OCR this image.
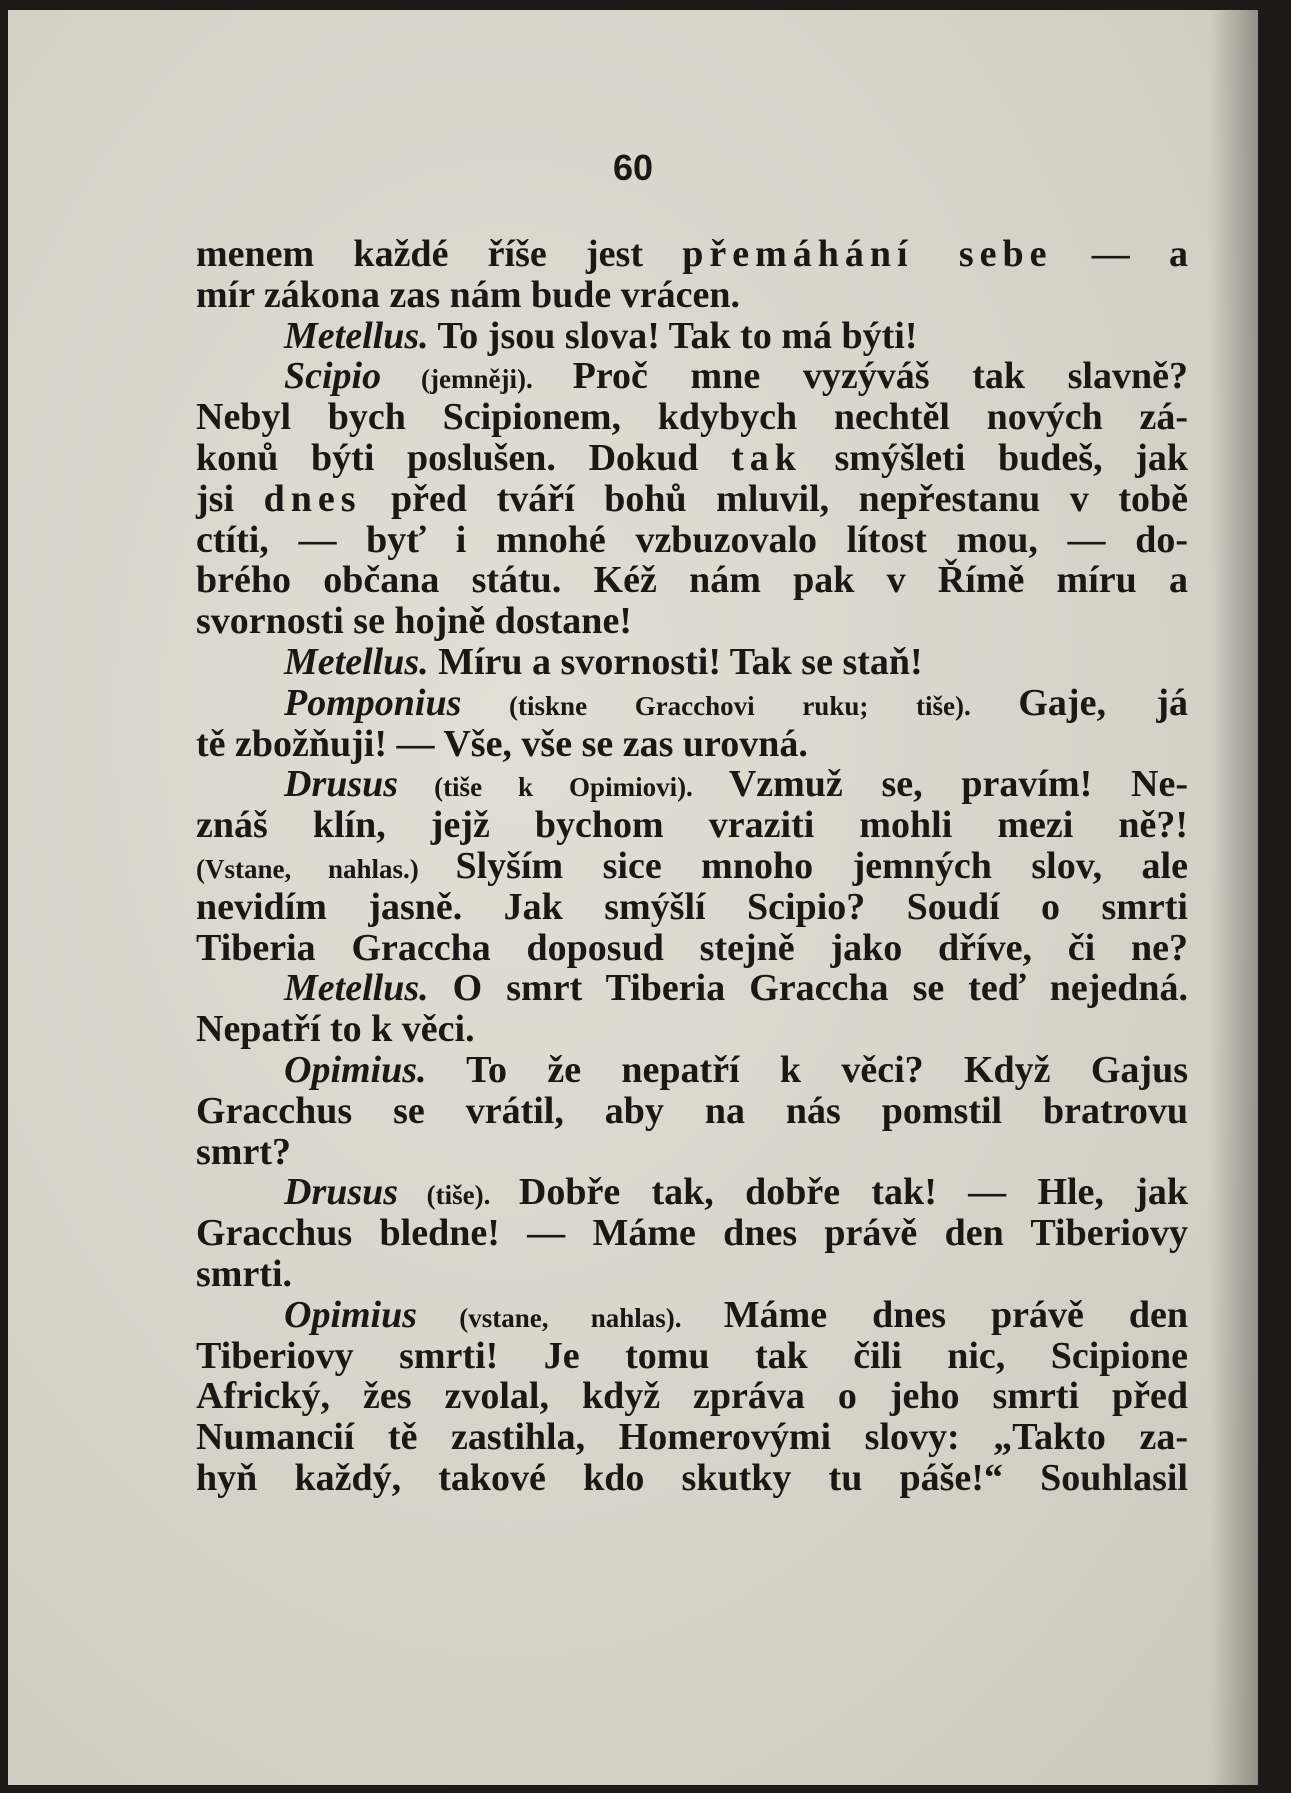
60
menem každé říše jest přemáhání sebe — a
mír zákona zas nám bude vrácen.
Metellus. To jsou slova! Tak to má býti!
Scipio (jemněji). Proč mne vyzýváš tak slavně?
Nebyl bych Scipionem, kdybych nechtěl nových zá-
konů býti poslušen. Dokud tak smýšleti budeš, jak
jsi dnes před tváří bohů mluvil, nepřestanu v tobě
ctíti, — byť i mnohé vzbuzovalo lítost mou, — do-
brého občana státu. Kéž nám pak v Římě míru a
svornosti se hojně dostane!
Metellus. Míru a svornosti! Tak se staň!
Pomponius (tiskne Gracchovi ruku; tiše). Gaje, já
tě zbožňuji! — Vše, vše se zas urovná.
Drusus (tiše k Opimiovi). Vzmuž se, pravím! Ne-
znáš klín, jejž bychom vraziti mohli mezi ně?!
(Vstane, nahlas.) Slyším sice mnoho jemných slov, ale
nevidím jasně. Jak smýšlí Scipio? Soudí o smrti
Tiberia Graccha doposud stejně jako dříve, či ne?
Metellus. O smrt Tiberia Graccha se teď nejedná.
Nepatří to k věci.
Opimius. To že nepatří k věci? Když Gajus
Gracchus se vrátil, aby na nás pomstil bratrovu
smrt?
Drusus (tiše). Dobře tak, dobře tak! — Hle, jak
Gracchus bledne! — Máme dnes právě den Tiberiovy
smrti.
Opimius (vstane, nahlas). Máme dnes právě den
Tiberiovy smrti! Je tomu tak čili nic, Scipione
Africký, žes zvolal, když zpráva o jeho smrti před
Numancií tě zastihla, Homerovými slovy: „Takto za-
hyň každý, takové kdo skutky tu páše!“ Souhlasil
